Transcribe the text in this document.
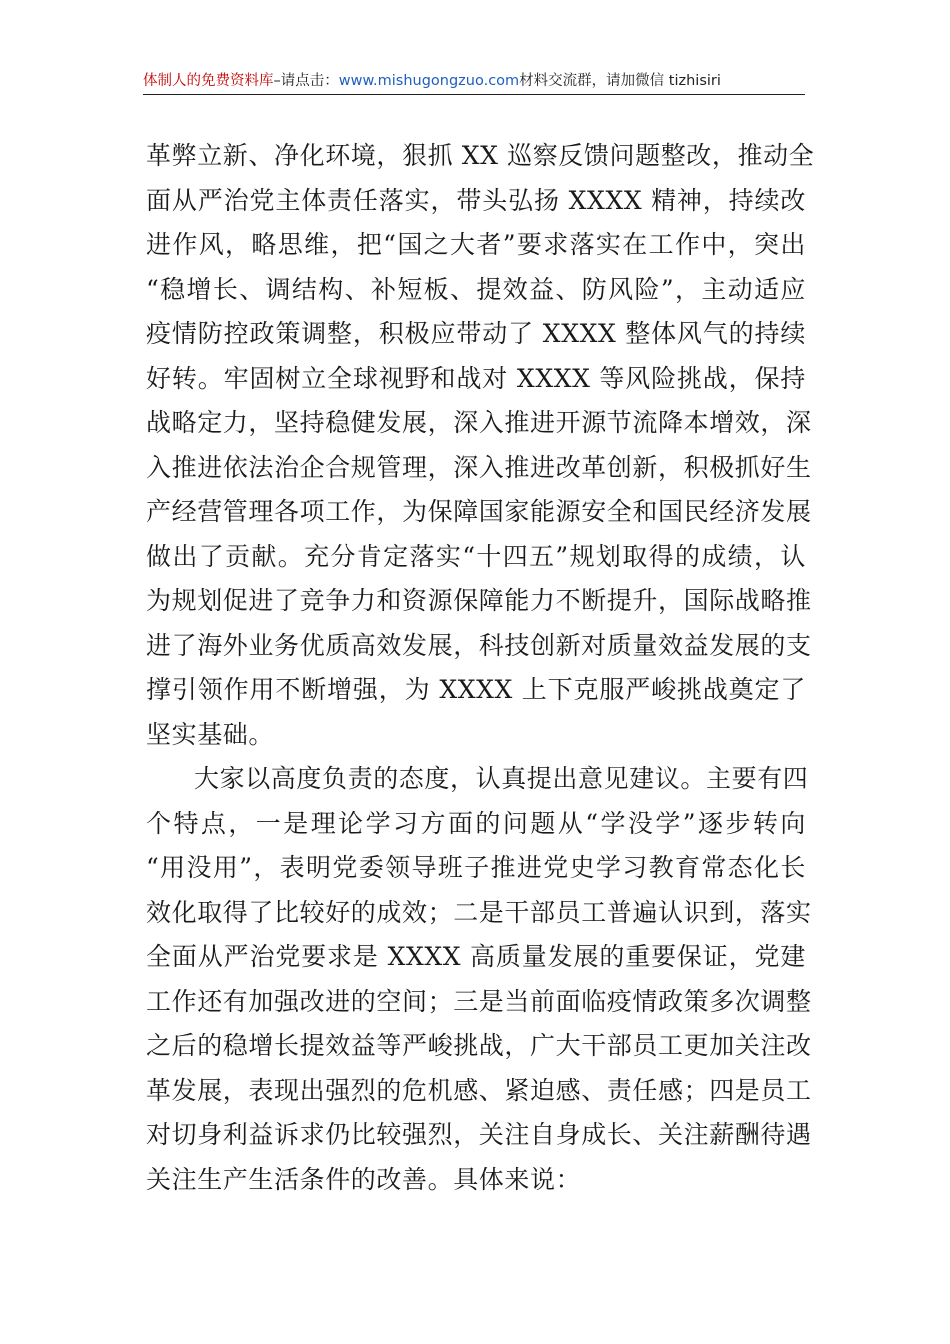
体制人的免费资料库–请点击：www.mishugongzuo.com材料交流群，请加微信 tizhisiri
革弊立新、净化环境，狠抓 XX 巡察反馈问题整改，推动全
面从严治党主体责任落实，带头弘扬 XXXX 精神，持续改
进作风，略思维，把“国之大者”要求落实在工作中，突出
“稳增长、调结构、补短板、提效益、防风险”，主动适应
疫情防控政策调整，积极应带动了 XXXX 整体风气的持续
好转。牢固树立全球视野和战对 XXXX 等风险挑战，保持
战略定力，坚持稳健发展，深入推进开源节流降本增效，深
入推进依法治企合规管理，深入推进改革创新，积极抓好生
产经营管理各项工作，为保障国家能源安全和国民经济发展
做出了贡献。充分肯定落实“十四五”规划取得的成绩，认
为规划促进了竞争力和资源保障能力不断提升，国际战略推
进了海外业务优质高效发展，科技创新对质量效益发展的支
撑引领作用不断增强，为 XXXX 上下克服严峻挑战奠定了
坚实基础。
大家以高度负责的态度，认真提出意见建议。主要有四
个特点，一是理论学习方面的问题从“学没学”逐步转向
“用没用”，表明党委领导班子推进党史学习教育常态化长
效化取得了比较好的成效；二是干部员工普遍认识到，落实
全面从严治党要求是 XXXX 高质量发展的重要保证，党建
工作还有加强改进的空间；三是当前面临疫情政策多次调整
之后的稳增长提效益等严峻挑战，广大干部员工更加关注改
革发展，表现出强烈的危机感、紧迫感、责任感；四是员工
对切身利益诉求仍比较强烈，关注自身成长、关注薪酬待遇
关注生产生活条件的改善。具体来说：
